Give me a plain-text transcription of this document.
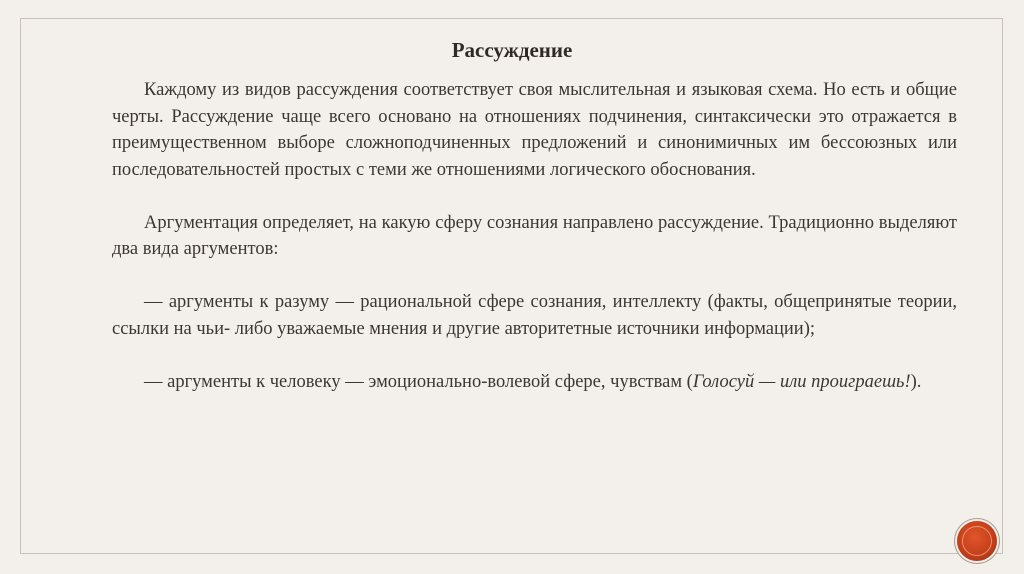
Рассуждение

Каждому из видов рассуждения соответствует своя мыслительная и языковая схема. Но есть и общие черты. Рассуждение чаще всего основано на отношениях подчинения, синтаксически это отражается в преимущественном выборе сложноподчиненных предложений и синонимичных им бессоюзных или последовательностей простых с теми же отношениями логического обоснования.

Аргументация определяет, на какую сферу сознания направлено рассуждение. Традиционно выделяют два вида аргументов:

— аргументы к разуму — рациональной сфере сознания, интеллекту (факты, общепринятые теории, ссылки на чьи- либо уважаемые мнения и другие авторитетные источники информации);

— аргументы к человеку — эмоционально-волевой сфере, чувствам (Голосуй — или проиграешь!).
